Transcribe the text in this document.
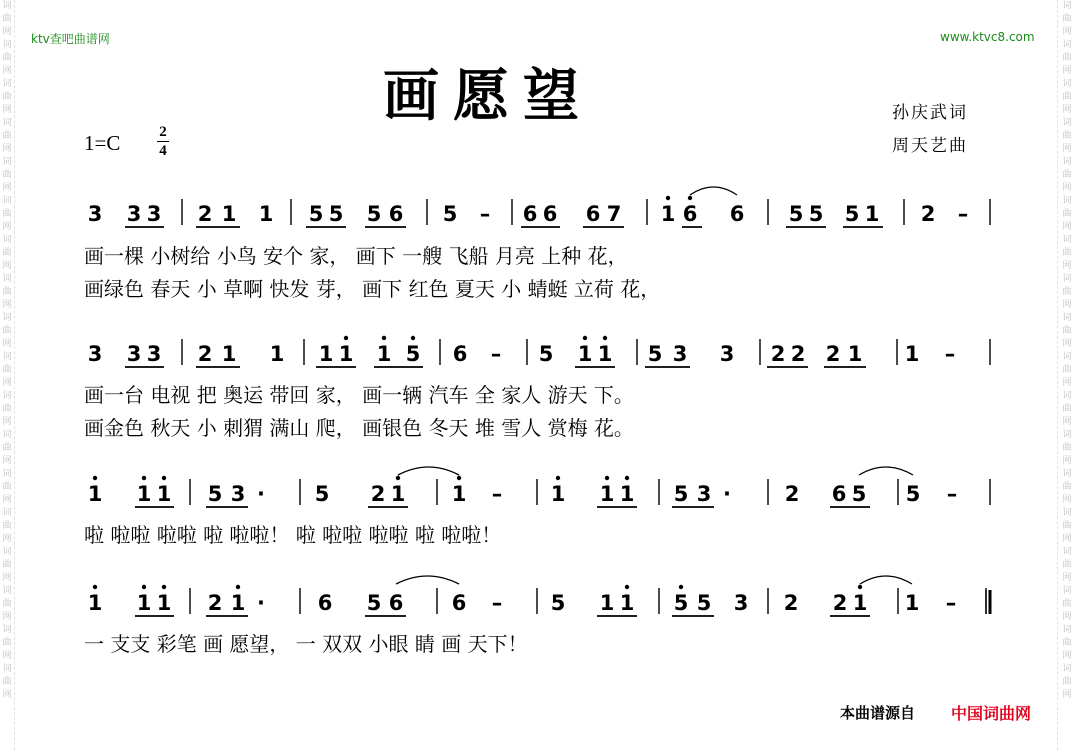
词
曲
网
词
曲
网
词
曲
网
词
曲
网
词
曲
网
词
曲
网
词
曲
网
词
曲
网
词
曲
网
词
曲
网
词
曲
网
词
曲
网
词
曲
网
词
曲
网
词
曲
网
词
曲
网
词
曲
网
词
曲
网
词
曲
网
词
曲
网
词
曲
网
词
曲
网
词
曲
网
词
曲
网
词
曲
网
词
曲
网
词
曲
网
词
曲
网
词
曲
网
词
曲
网
词
曲
网
词
曲
网
词
曲
网
词
曲
网
词
曲
网
词
曲
网
ktv查吧曲谱网	www.ktvc8.com
画愿望	孙庆武词
周天艺曲
1=C	2
4
3 3 3 2 1 1 5 5 5 6 5 – 6 6 6 7 1 6 6 5 5 5 1 2 –
3 3 3 2 1 1 1 1 1 5 6 – 5 1 1 5 3 3 2 2 2 1 1 –
1 1 1 5 3 · 5 2 1 1 – 1 1 1 5 3 ·	2 6 5 5 –
1 1 1 2 1 ·	6 5 6 6 – 5 1 1 5 5 3 2 2 1 1 –
画一棵 小树给 小鸟 安个 家， 画下 一艘 飞船 月亮 上种 花，
画绿色 春天 小 草啊 快发 芽， 画下 红色 夏天 小 蜻蜓 立荷 花，
画一台 电视 把 奥运 带回 家， 画一辆 汽车 全 家人 游天 下。
画金色 秋天 小 刺猬 满山 爬， 画银色 冬天 堆 雪人 赏梅 花。
啦 啦啦 啦啦 啦 啦啦！ 啦 啦啦 啦啦 啦 啦啦！
一 支支 彩笔 画 愿望， 一 双双 小眼 睛 画 天下！
本曲谱源自 中国词曲网
